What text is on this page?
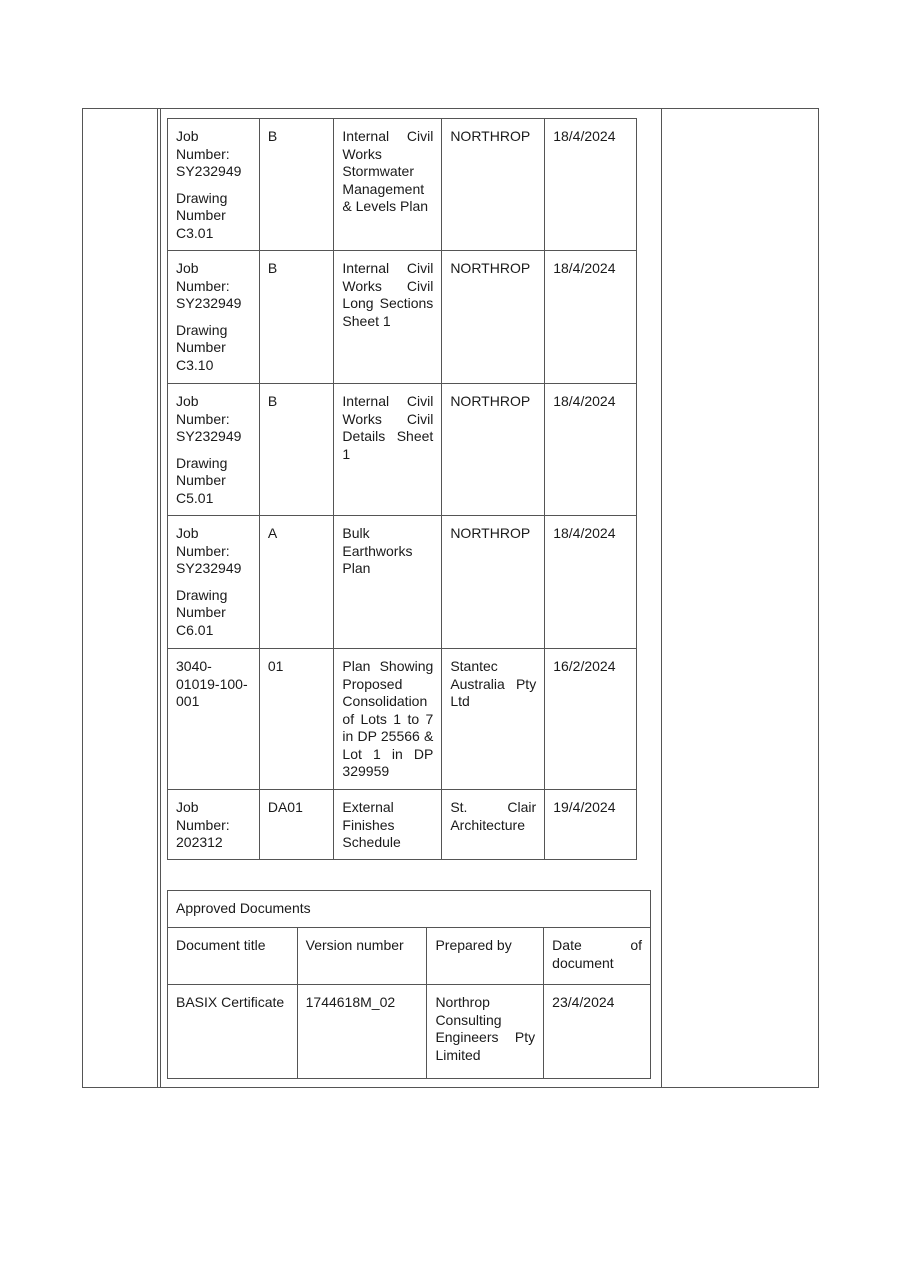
Job Number: SY232949

Drawing Number C3.01	B	Internal Civil Works Stormwater Management & Levels Plan	NORTHROP	18/4/2024

Job Number: SY232949

Drawing Number C3.10	B	Internal Civil Works Civil Long Sections Sheet 1	NORTHROP	18/4/2024

Job Number: SY232949

Drawing Number C5.01	B	Internal Civil Works Civil Details Sheet 1	NORTHROP	18/4/2024

Job Number: SY232949

Drawing Number C6.01	A	Bulk Earthworks Plan	NORTHROP	18/4/2024

3040-01019-100-001	01	Plan Showing Proposed Consolidation of Lots 1 to 7 in DP 25566 & Lot 1 in DP 329959	Stantec Australia Pty Ltd	16/2/2024

Job Number: 202312	DA01	External Finishes Schedule	St. Clair Architecture	19/4/2024
Approved Documents			
Document title	Version number	Prepared by	Date of document
BASIX Certificate	1744618M_02	Northrop Consulting Engineers Pty Limited	23/4/2024
